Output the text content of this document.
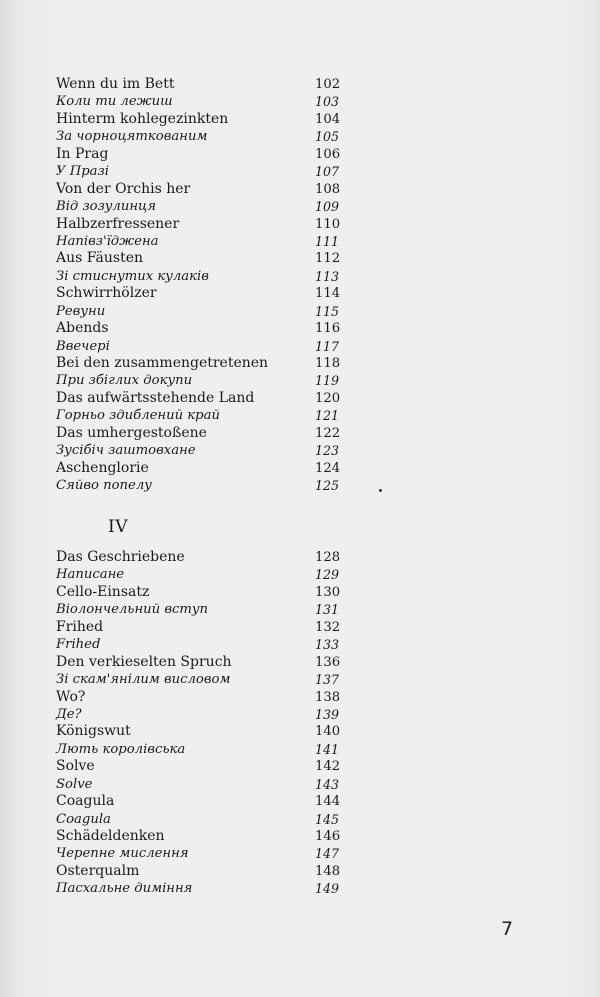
Wenn du im Bett	102
Коли ти лежиш	103
Hinterm kohlegezinkten	104
За чорноцяткованим	105
In Prag	106
У Празі	107
Von der Orchis her	108
Від зозулинця	109
Halbzerfressener	110
Напівз'їджена	111
Aus Fäusten	112
Зі стиснутих кулаків	113
Schwirrhölzer	114
Ревуни	115
Abends	116
Ввечері	117
Bei den zusammengetretenen	118
При збіглих докупи	119
Das aufwärtsstehende Land	120
Горньо здиблений край	121
Das umhergestoßene	122
Зусібіч заштовхане	123
Aschenglorie	124
Сяйво попелу	125
IV
Das Geschriebene	128
Написане	129
Cello-Einsatz	130
Віолончельний вступ	131
Frihed	132
Frihed	133
Den verkieselten Spruch	136
Зі скам'янілим висловом	137
Wo?	138
Де?	139
Königswut	140
Лють королівська	141
Solve	142
Solve	143
Coagula	144
Coagula	145
Schädeldenken	146
Черепне мислення	147
Osterqualm	148
Пасхальне диміння	149
7
